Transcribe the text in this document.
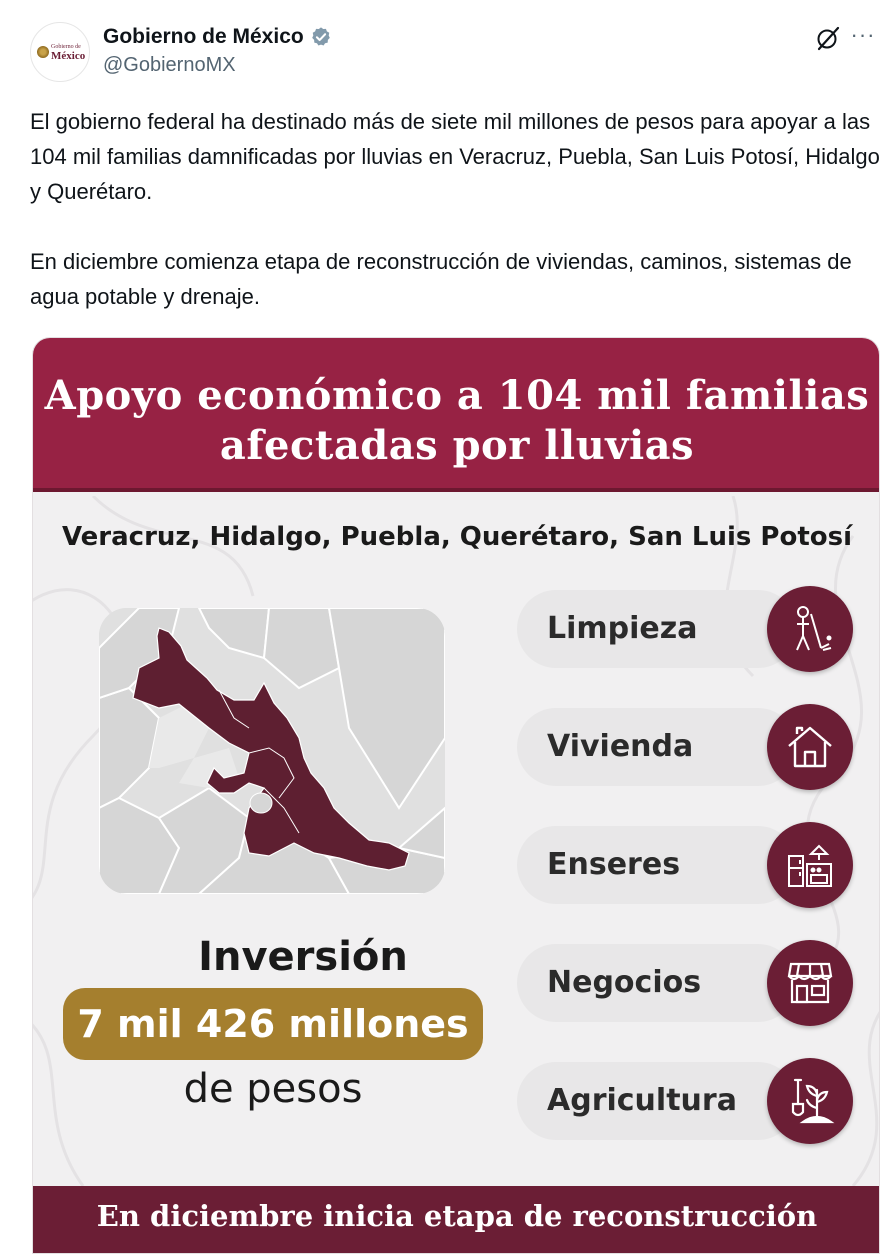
Gobierno de
México
Gobierno de México
@GobiernoMX
···

El gobierno federal ha destinado más de siete mil millones de pesos para apoyar a las 104 mil familias damnificadas por lluvias en Veracruz, Puebla, San Luis Potosí, Hidalgo y Querétaro.

En diciembre comienza etapa de reconstrucción de viviendas, caminos, sistemas de agua potable y drenaje.

Apoyo económico a 104 mil familias
afectadas por lluvias
Veracruz, Hidalgo, Puebla, Querétaro, San Luis Potosí
Inversión
7 mil 426 millones
de pesos
Limpieza
Vivienda
Enseres
Negocios
Agricultura
En diciembre inicia etapa de reconstrucción
